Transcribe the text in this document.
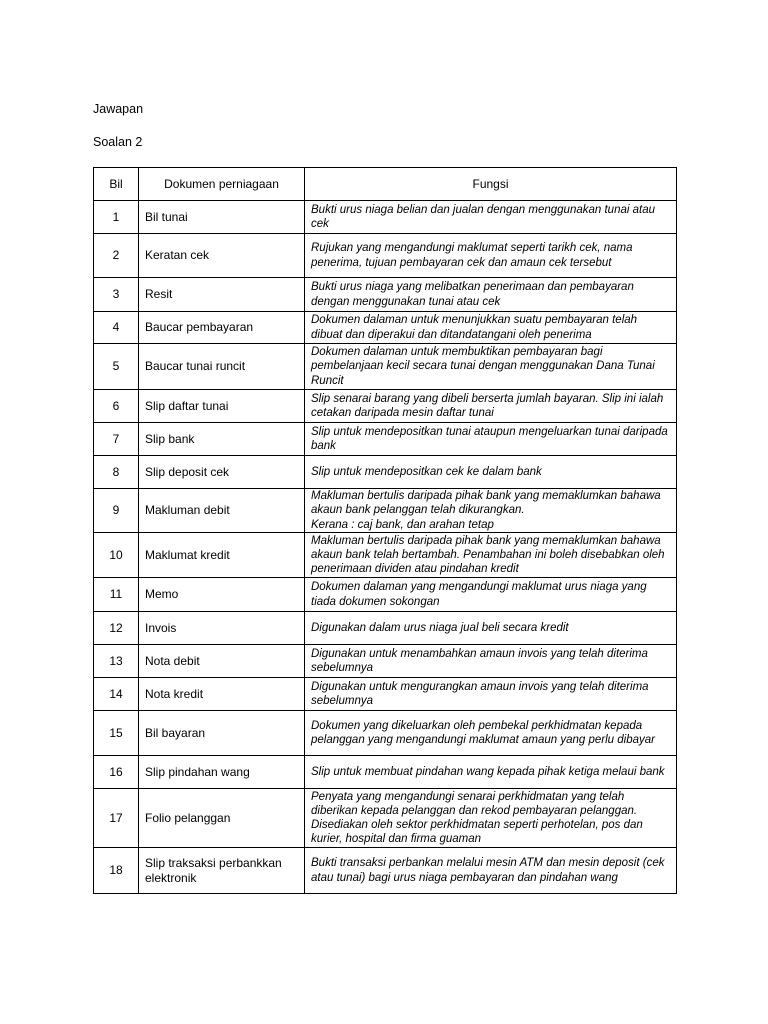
Jawapan
Soalan 2
Bil	Dokumen perniagaan	Fungsi
1	Bil tunai	Bukti urus niaga belian dan jualan dengan menggunakan tunai atau cek

2	Keratan cek	Rujukan yang mengandungi maklumat seperti tarikh cek, nama penerima, tujuan pembayaran cek dan amaun cek tersebut

3	Resit	Bukti urus niaga yang melibatkan penerimaan dan pembayaran dengan menggunakan tunai atau cek

4	Baucar pembayaran	Dokumen dalaman untuk menunjukkan suatu pembayaran telah dibuat dan diperakui dan ditandatangani oleh penerima

5	Baucar tunai runcit	Dokumen dalaman untuk membuktikan pembayaran bagi pembelanjaan kecil secara tunai dengan menggunakan Dana Tunai Runcit

6	Slip daftar tunai	Slip senarai barang yang dibeli berserta jumlah bayaran. Slip ini ialah cetakan daripada mesin daftar tunai

7	Slip bank	Slip untuk mendepositkan tunai ataupun mengeluarkan tunai daripada bank

8	Slip deposit cek	Slip untuk mendepositkan cek ke dalam bank

9	Makluman debit	Makluman bertulis daripada pihak bank yang memaklumkan bahawa akaun bank pelanggan telah dikurangkan.
Kerana : caj bank, dan arahan tetap

10	Maklumat kredit	Makluman bertulis daripada pihak bank yang memaklumkan bahawa akaun bank telah bertambah. Penambahan ini boleh disebabkan oleh penerimaan dividen atau pindahan kredit

11	Memo	Dokumen dalaman yang mengandungi maklumat urus niaga yang tiada dokumen sokongan

12	Invois	Digunakan dalam urus niaga jual beli secara kredit

13	Nota debit	Digunakan untuk menambahkan amaun invois yang telah diterima sebelumnya

14	Nota kredit	Digunakan untuk mengurangkan amaun invois yang telah diterima sebelumnya

15	Bil bayaran	Dokumen yang dikeluarkan oleh pembekal perkhidmatan kepada pelanggan yang mengandungi maklumat amaun yang perlu dibayar

16	Slip pindahan wang	Slip untuk membuat pindahan wang kepada pihak ketiga melaui bank

17	Folio pelanggan	Penyata yang mengandungi senarai perkhidmatan yang telah diberikan kepada pelanggan dan rekod pembayaran pelanggan. Disediakan oleh sektor perkhidmatan seperti perhotelan, pos dan kurier, hospital dan firma guaman

18	Slip traksaksi perbankkan elektronik	Bukti transaksi perbankan melalui mesin ATM dan mesin deposit (cek atau tunai) bagi urus niaga pembayaran dan pindahan wang
